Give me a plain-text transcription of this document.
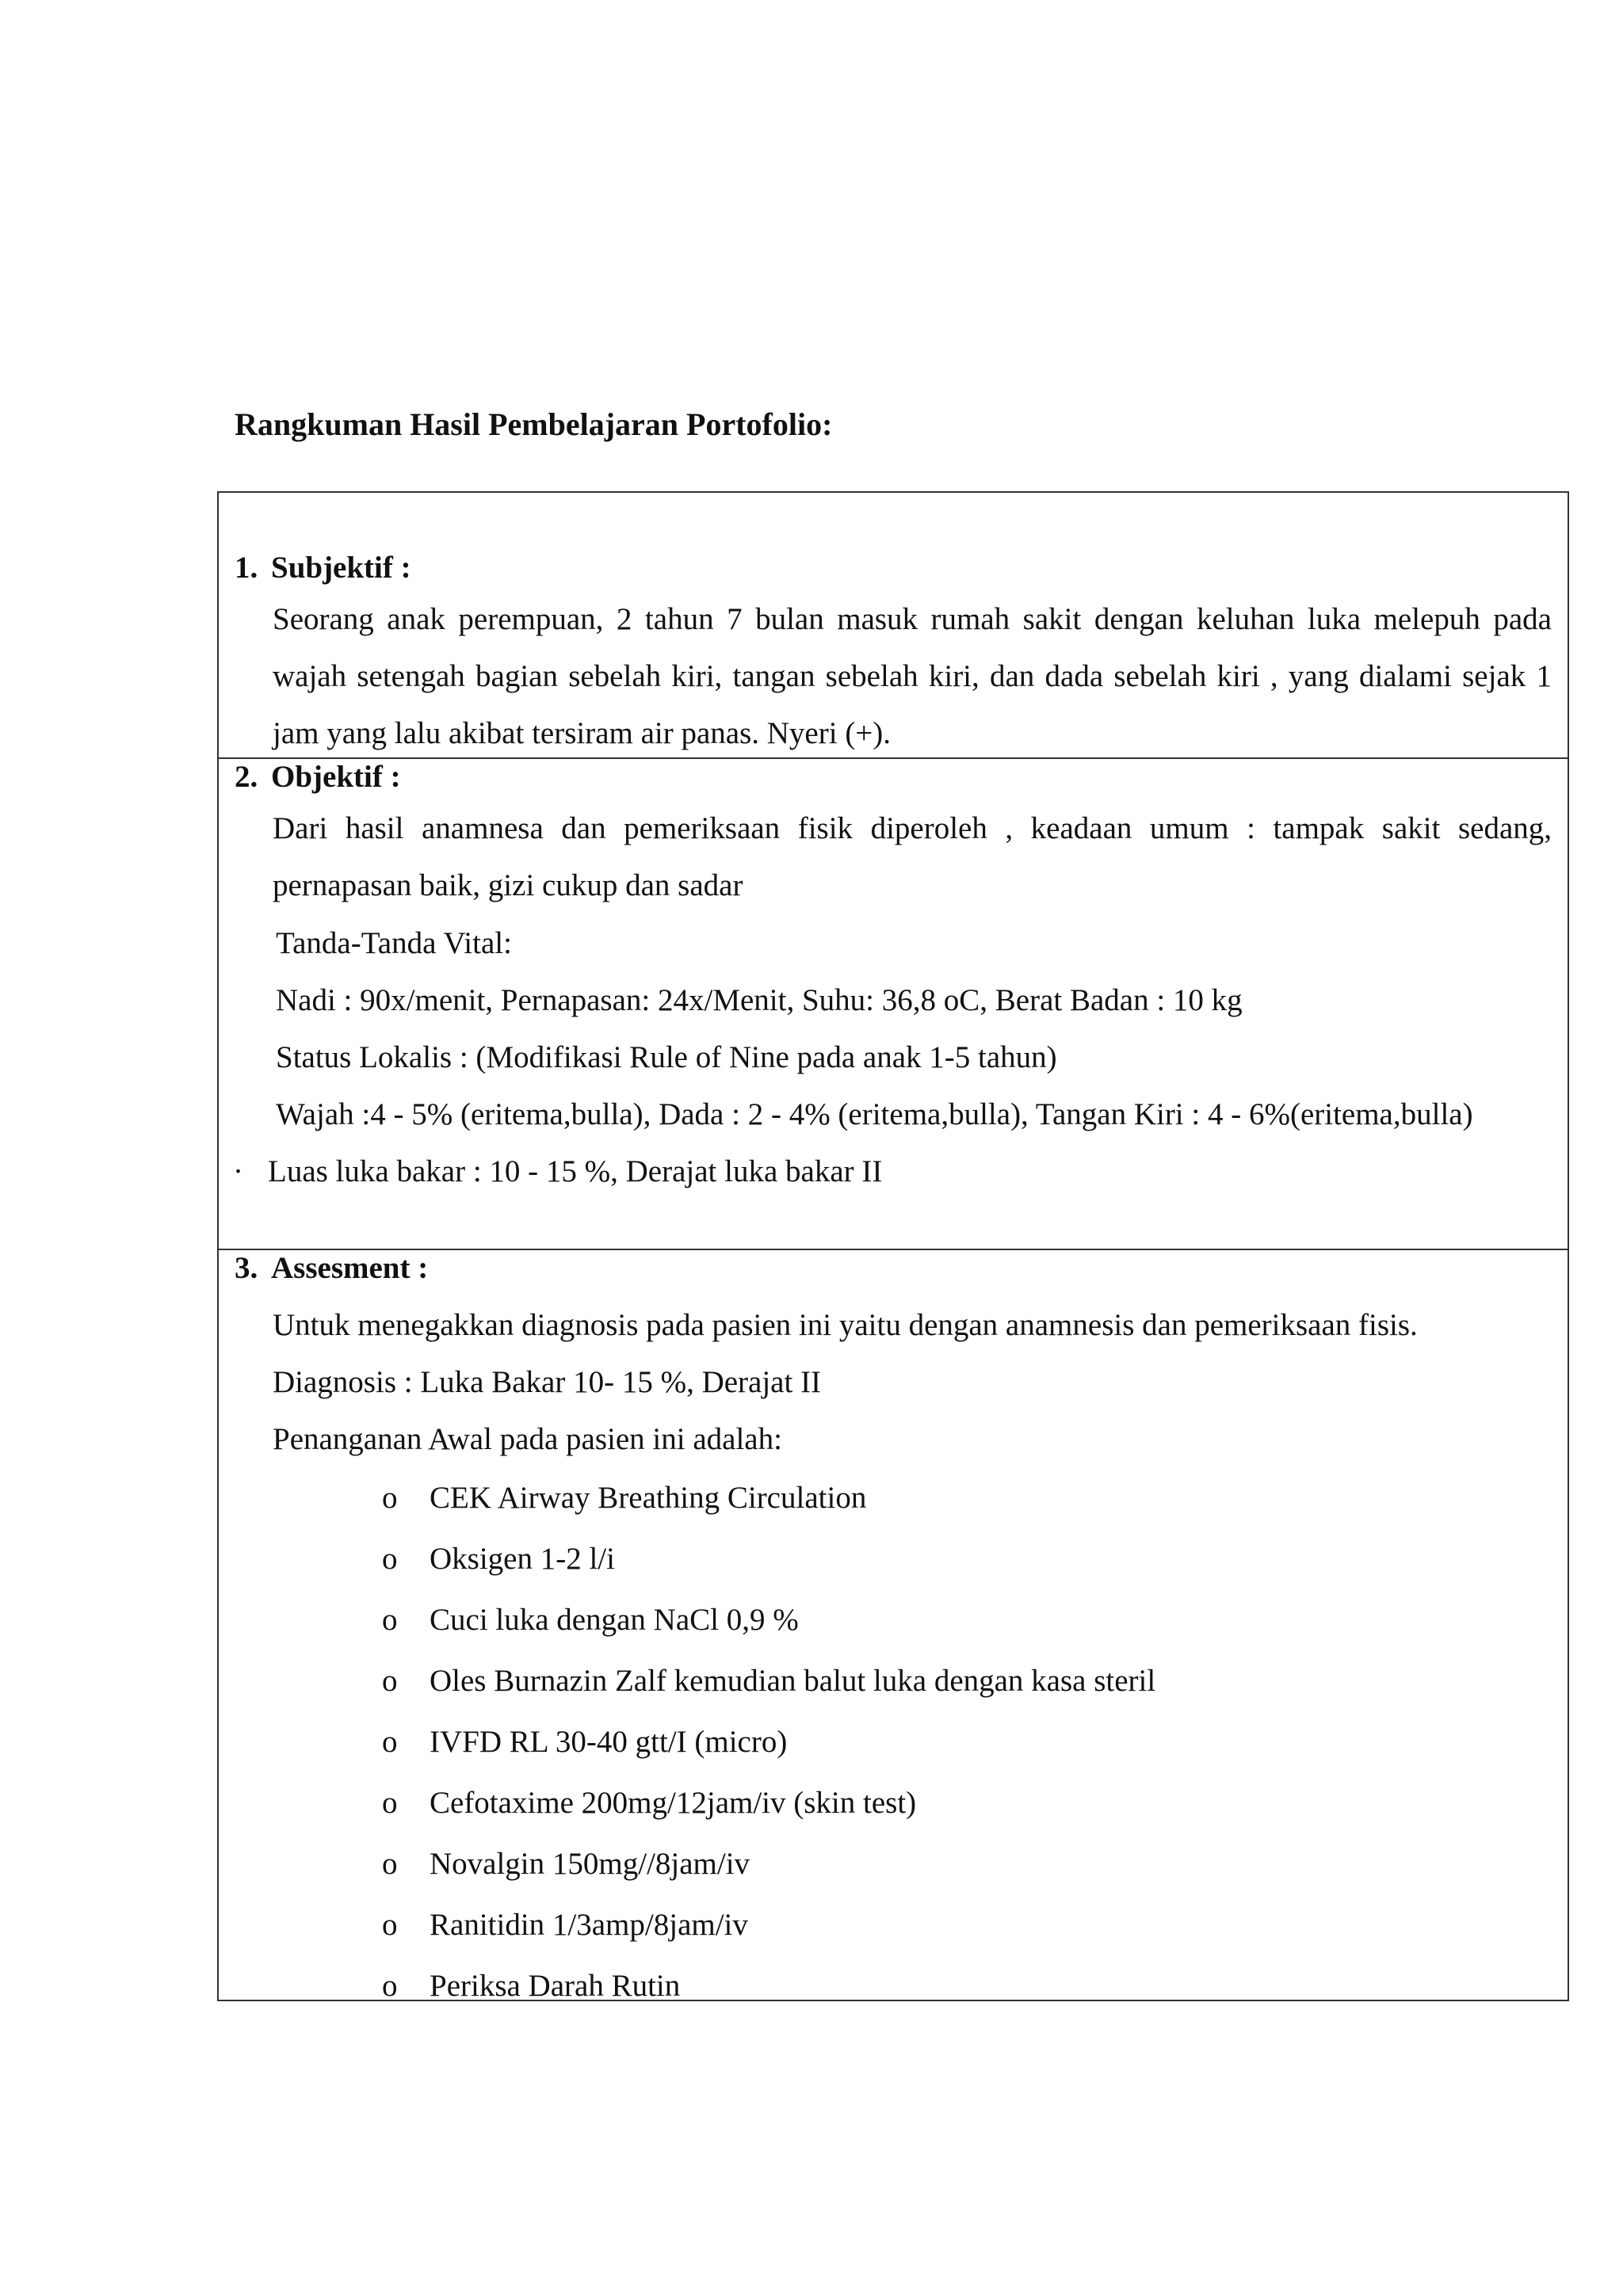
Rangkuman Hasil Pembelajaran Portofolio:

1. Subjektif :

Seorang anak perempuan, 2 tahun 7 bulan masuk rumah sakit dengan keluhan luka melepuh pada wajah setengah bagian sebelah kiri, tangan sebelah kiri, dan dada sebelah kiri , yang dialami sejak 1 jam yang lalu akibat tersiram air panas. Nyeri (+).

2. Objektif :

Dari hasil anamnesa dan pemeriksaan fisik diperoleh , keadaan umum : tampak sakit sedang, pernapasan baik, gizi cukup dan sadar

Tanda-Tanda Vital:

Nadi : 90x/menit, Pernapasan: 24x/Menit, Suhu: 36,8 oC, Berat Badan : 10 kg

Status Lokalis : (Modifikasi Rule of Nine pada anak 1-5 tahun)

Wajah :4 - 5% (eritema,bulla), Dada : 2 - 4% (eritema,bulla), Tangan Kiri : 4 - 6%(eritema,bulla)

· Luas luka bakar : 10 - 15 %, Derajat luka bakar II

3. Assesment :

Untuk menegakkan diagnosis pada pasien ini yaitu dengan anamnesis dan pemeriksaan fisis.

Diagnosis : Luka Bakar 10- 15 %, Derajat II

Penanganan Awal pada pasien ini adalah:

o CEK Airway Breathing Circulation
o Oksigen 1-2 l/i
o Cuci luka dengan NaCl 0,9 %
o Oles Burnazin Zalf kemudian balut luka dengan kasa steril
o IVFD RL 30-40 gtt/I (micro)
o Cefotaxime 200mg/12jam/iv (skin test)
o Novalgin 150mg//8jam/iv
o Ranitidin 1/3amp/8jam/iv
o Periksa Darah Rutin
